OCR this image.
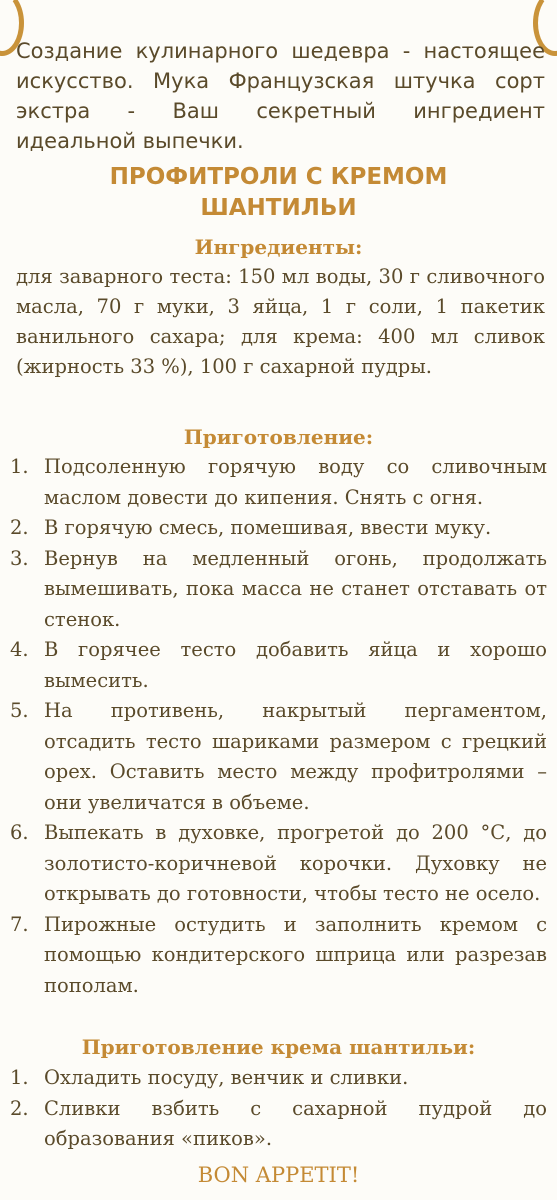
Создание кулинарного шедевра - настоящее искусство. Мука Французская штучка сорт экстра - Ваш секретный ингредиент идеальной выпечки.

ПРОФИТРОЛИ С КРЕМОМ ШАНТИЛЬИ
Ингредиенты:

для заварного теста: 150 мл воды, 30 г сливочного масла, 70 г муки, 3 яйца, 1 г соли, 1 пакетик ванильного сахара; для крема: 400 мл сливок (жирность 33 %), 100 г сахарной пудры.

Приготовление:
1. Подсоленную горячую воду со сливочным маслом довести до кипения. Снять с огня.
2. В горячую смесь, помешивая, ввести муку.
3. Вернув на медленный огонь, продолжать вымешивать, пока масса не станет отставать от стенок.
4. В горячее тесто добавить яйца и хорошо вымесить.
5. На противень, накрытый пергаментом, отсадить тесто шариками размером с грецкий орех. Оставить место между профитролями – они увеличатся в объеме.
6. Выпекать в духовке, прогретой до 200 °С, до золотисто-коричневой корочки. Духовку не открывать до готовности, чтобы тесто не осело.
7. Пирожные остудить и заполнить кремом с помощью кондитерского шприца или разрезав пополам.
Приготовление крема шантильи:
1. Охладить посуду, венчик и сливки.
2. Сливки взбить с сахарной пудрой до образования «пиков».

BON APPETIT!
